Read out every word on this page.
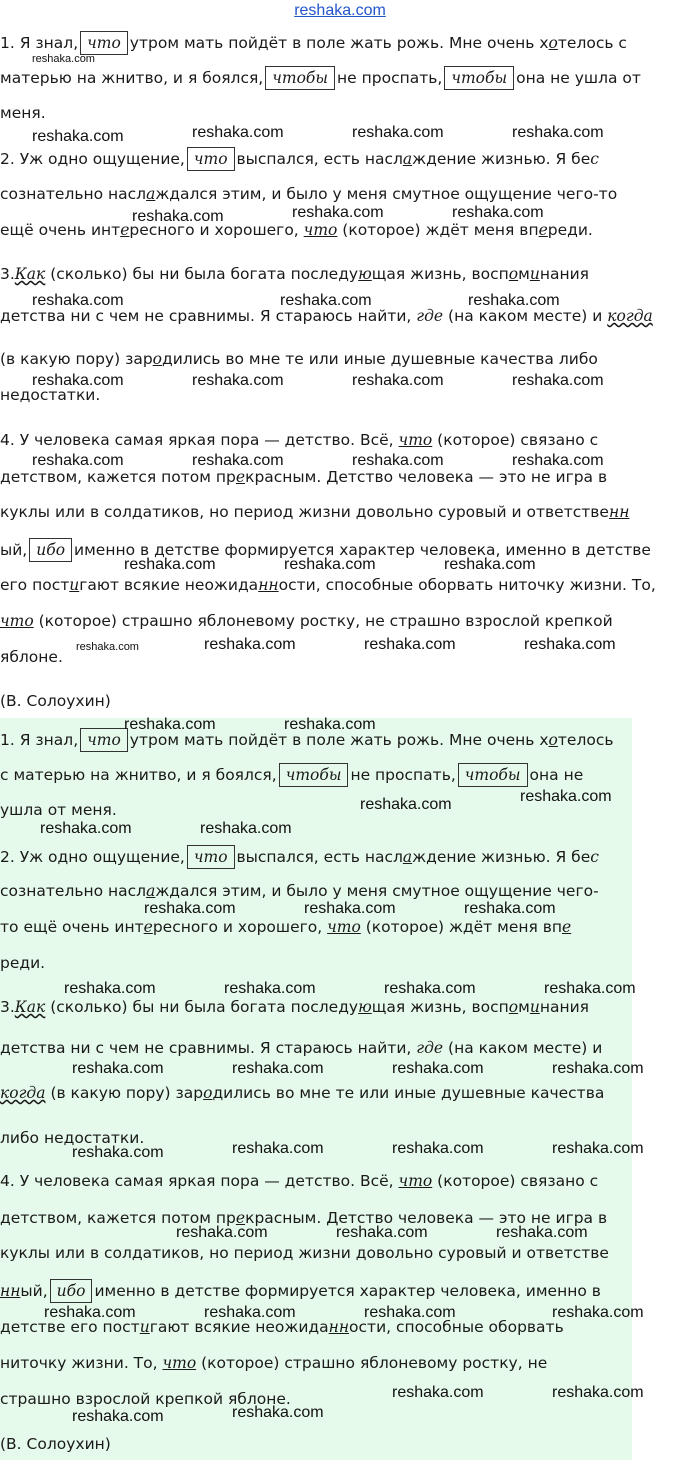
reshaka.com
1. Я знал, что утром мать пойдёт в поле жать рожь. Мне очень хотелось с
матерью на жнитво, и я боялся, чтобы не проспать, чтобы она не ушла от
меня.
2. Уж одно ощущение, что выспался, есть наслаждение жизнью. Я бес
сознательно наслаждался этим, и было у меня смутное ощущение чего-то
ещё очень интересного и хорошего, что (которое) ждёт меня впереди.
3.Как (сколько) бы ни была богата последующая жизнь, воспоминания
детства ни с чем не сравнимы. Я стараюсь найти, где (на каком месте) и когда
(в какую пору) зародились во мне те или иные душевные качества либо
недостатки.
4. У человека самая яркая пора — детство. Всё, что (которое) связано с
детством, кажется потом прекрасным. Детство человека — это не игра в
куклы или в солдатиков, но период жизни довольно суровый и ответственн
ый, ибо именно в детстве формируется характер человека, именно в детстве
его постигают всякие неожиданности, способные оборвать ниточку жизни. То,
что (которое) страшно яблоневому ростку, не страшно взрослой крепкой
яблоне.
(В. Солоухин)
1. Я знал, что утром мать пойдёт в поле жать рожь. Мне очень хотелось
с матерью на жнитво, и я боялся, чтобы не проспать, чтобы она не
ушла от меня.
2. Уж одно ощущение, что выспался, есть наслаждение жизнью. Я бес
сознательно наслаждался этим, и было у меня смутное ощущение чего-
то ещё очень интересного и хорошего, что (которое) ждёт меня впе
реди.
3.Как (сколько) бы ни была богата последующая жизнь, воспоминания
детства ни с чем не сравнимы. Я стараюсь найти, где (на каком месте) и
когда (в какую пору) зародились во мне те или иные душевные качества
либо недостатки.
4. У человека самая яркая пора — детство. Всё, что (которое) связано с
детством, кажется потом прекрасным. Детство человека — это не игра в
куклы или в солдатиков, но период жизни довольно суровый и ответстве
нный, ибо именно в детстве формируется характер человека, именно в
детстве его постигают всякие неожиданности, способные оборвать
ниточку жизни. То, что (которое) страшно яблоневому ростку, не
страшно взрослой крепкой яблоне.
(В. Солоухин)
reshaka.com
reshaka.com	reshaka.com	reshaka.com	reshaka.com
reshaka.com	reshaka.com	reshaka.com
reshaka.com	reshaka.com	reshaka.com
reshaka.com	reshaka.com	reshaka.com	reshaka.com
reshaka.com	reshaka.com	reshaka.com	reshaka.com
reshaka.com	reshaka.com	reshaka.com
reshaka.com	reshaka.com	reshaka.com	reshaka.com
reshaka.com	reshaka.com
reshaka.com
reshaka.com
reshaka.com	reshaka.com
reshaka.com	reshaka.com	reshaka.com
reshaka.com	reshaka.com	reshaka.com	reshaka.com
reshaka.com	reshaka.com	reshaka.com	reshaka.com
reshaka.com	reshaka.com	reshaka.com	reshaka.com
reshaka.com	reshaka.com	reshaka.com
reshaka.com	reshaka.com	reshaka.com	reshaka.com
reshaka.com	reshaka.com
reshaka.com	reshaka.com
